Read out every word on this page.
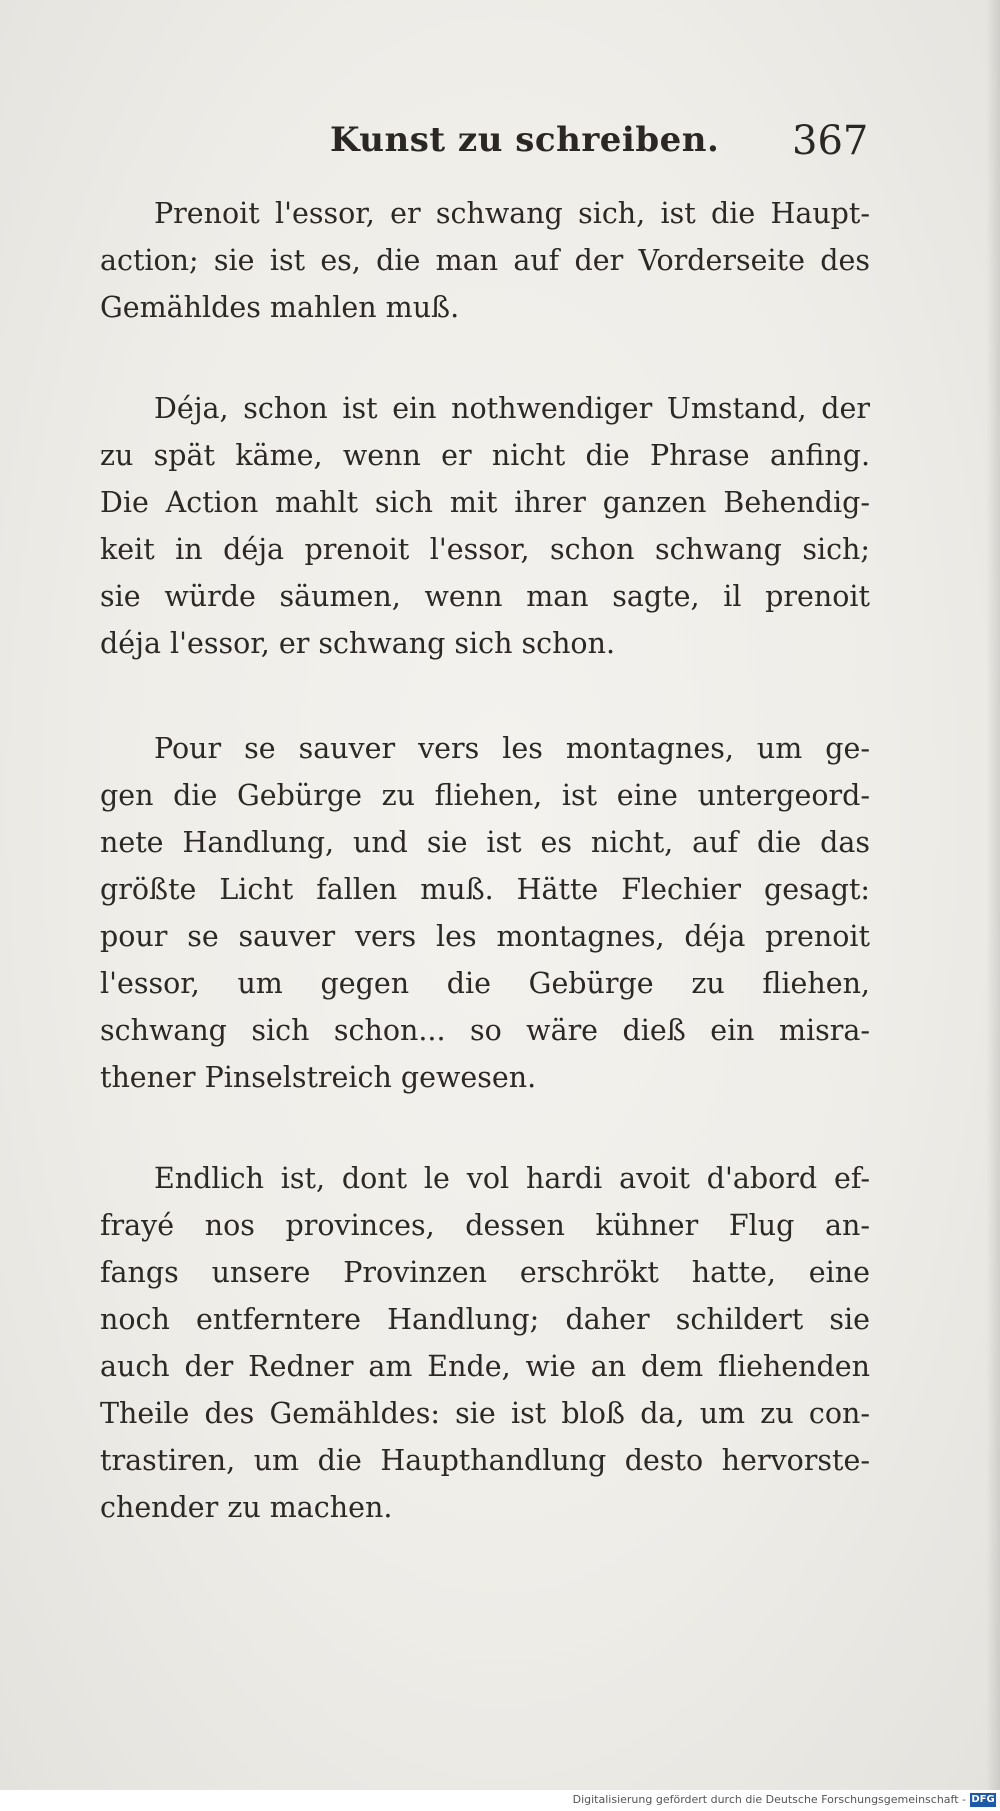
Kunst zu schreiben. 367
Prenoit l'essor, er schwang sich, ist die Haupt-
action; sie ist es, die man auf der Vorderseite des
Gemähldes mahlen muß.
Déja, schon ist ein nothwendiger Umstand, der
zu spät käme, wenn er nicht die Phrase anfing.
Die Action mahlt sich mit ihrer ganzen Behendig-
keit in déja prenoit l'essor, schon schwang sich;
sie würde säumen, wenn man sagte, il prenoit
déja l'essor, er schwang sich schon.
Pour se sauver vers les montagnes, um ge-
gen die Gebürge zu fliehen, ist eine untergeord-
nete Handlung, und sie ist es nicht, auf die das
größte Licht fallen muß. Hätte Flechier gesagt:
pour se sauver vers les montagnes, déja prenoit
l'essor, um gegen die Gebürge zu fliehen,
schwang sich schon... so wäre dieß ein misra-
thener Pinselstreich gewesen.
Endlich ist, dont le vol hardi avoit d'abord ef-
frayé nos provinces, dessen kühner Flug an-
fangs unsere Provinzen erschrökt hatte, eine
noch entferntere Handlung; daher schildert sie
auch der Redner am Ende, wie an dem fliehenden
Theile des Gemähldes: sie ist bloß da, um zu con-
trastiren, um die Haupthandlung desto hervorste-
chender zu machen.
Digitalisierung gefördert durch die Deutsche Forschungsgemeinschaft - DFG
